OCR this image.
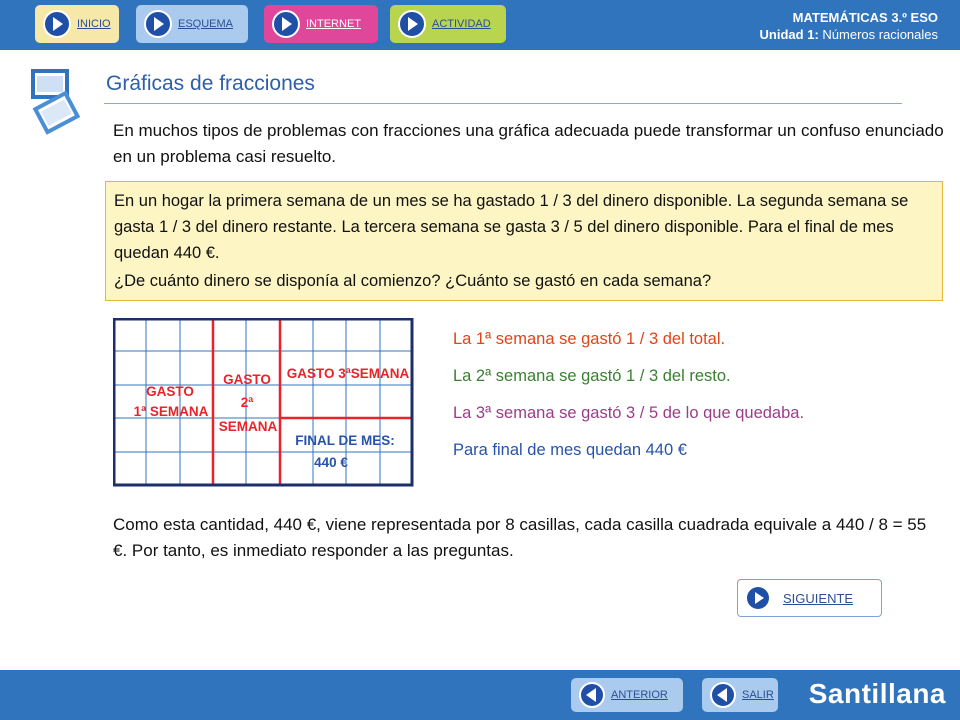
INICIO	ESQUEMA	INTERNET	ACTIVIDAD	MATEMÁTICAS 3.º ESO
Unidad 1: Números racionales
Gráficas de fracciones
En muchos tipos de problemas con fracciones una gráfica adecuada puede transformar un confuso enunciado en un problema casi resuelto.
En un hogar la primera semana de un mes se ha gastado 1 / 3 del dinero disponible. La segunda semana se gasta 1 / 3 del dinero restante. La tercera semana se gasta 3 / 5 del dinero disponible. Para el final de mes quedan 440 €.
¿De cuánto dinero se disponía al comienzo? ¿Cuánto se gastó en cada semana?
GASTO
1ª SEMANA
GASTO
2ª
SEMANA
GASTO 3ªSEMANA
FINAL DE MES:
440 €
La 1ª semana se gastó 1 / 3 del total.
La 2ª semana se gastó 1 / 3 del resto.
La 3ª semana se gastó 3 / 5 de lo que quedaba.
Para final de mes quedan 440 €
Como esta cantidad, 440 €, viene representada por 8 casillas, cada casilla cuadrada equivale a 440 / 8 = 55 €. Por tanto, es inmediato responder a las preguntas.
SIGUIENTE
ANTERIOR	SALIR Santillana
